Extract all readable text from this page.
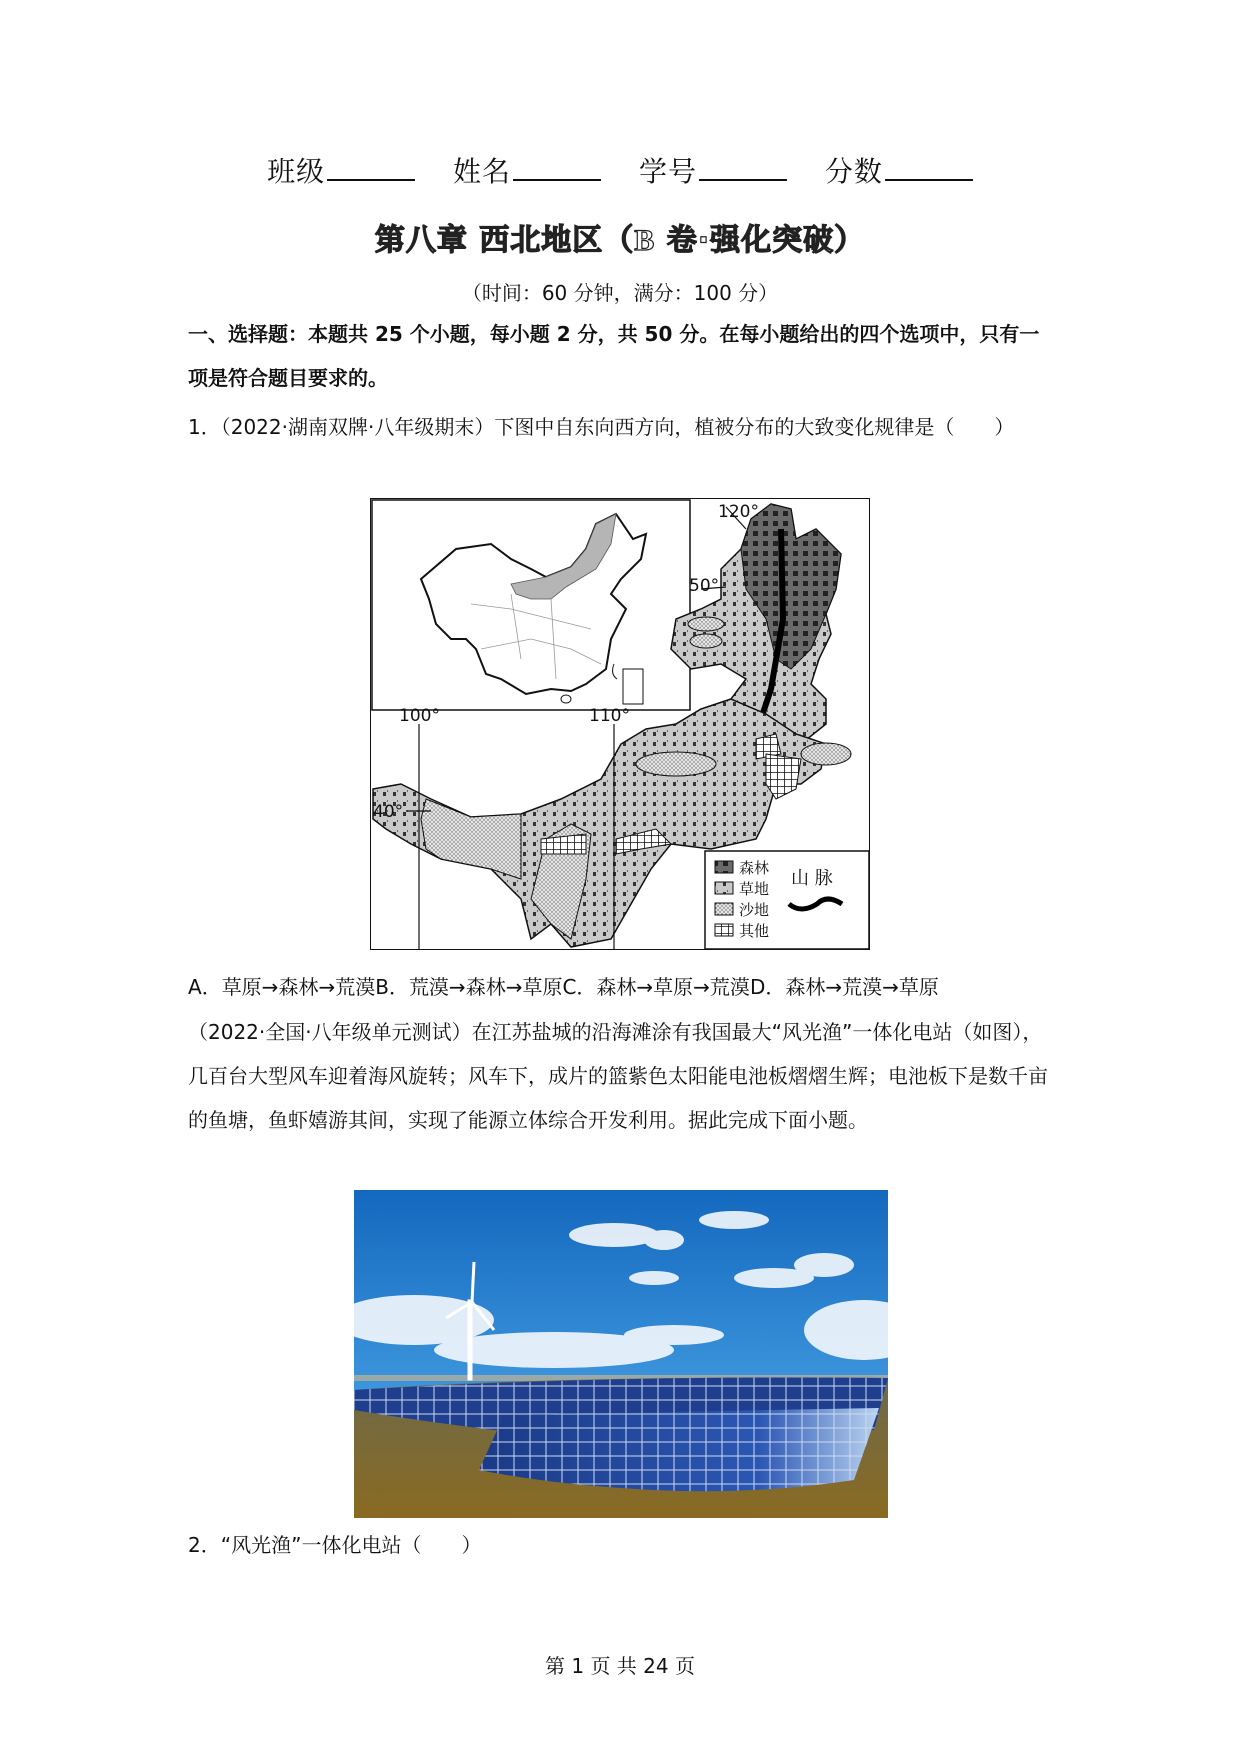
班级	姓名	学号	分数
第八章 西北地区（B 卷·强化突破）
（时间：60 分钟，满分：100 分）
一、选择题：本题共 25 个小题，每小题 2 分，共 50 分。在每小题给出的四个选项中，只有一项是符合题目要求的。
1．（2022·湖南双牌·八年级期末）下图中自东向西方向，植被分布的大致变化规律是（　　）
100°	110°
120°
40°
50°
森林
草地
沙地
其他
山 脉
A．草原→森林→荒漠B．荒漠→森林→草原C．森林→草原→荒漠D．森林→荒漠→草原
（2022·全国·八年级单元测试）在江苏盐城的沿海滩涂有我国最大“风光渔”一体化电站（如图），几百台大型风车迎着海风旋转；风车下，成片的篮紫色太阳能电池板熠熠生辉；电池板下是数千亩的鱼塘，鱼虾嬉游其间，实现了能源立体综合开发利用。据此完成下面小题。
2．“风光渔”一体化电站（　　）
第 1 页 共 24 页
